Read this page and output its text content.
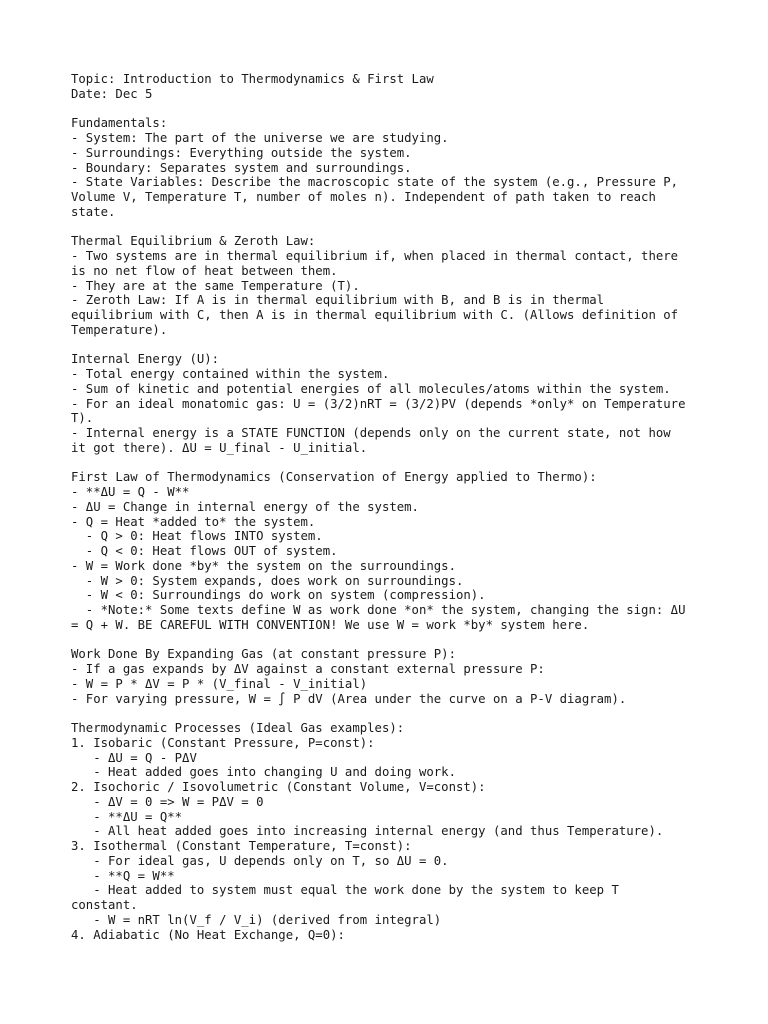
Topic: Introduction to Thermodynamics & First Law
Date: Dec 5
Fundamentals:
- System: The part of the universe we are studying.
- Surroundings: Everything outside the system.
- Boundary: Separates system and surroundings.
- State Variables: Describe the macroscopic state of the system (e.g., Pressure P,
Volume V, Temperature T, number of moles n). Independent of path taken to reach
state.
Thermal Equilibrium & Zeroth Law:
- Two systems are in thermal equilibrium if, when placed in thermal contact, there
is no net flow of heat between them.
- They are at the same Temperature (T).
- Zeroth Law: If A is in thermal equilibrium with B, and B is in thermal
equilibrium with C, then A is in thermal equilibrium with C. (Allows definition of
Temperature).
Internal Energy (U):
- Total energy contained within the system.
- Sum of kinetic and potential energies of all molecules/atoms within the system.
- For an ideal monatomic gas: U = (3/2)nRT = (3/2)PV (depends *only* on Temperature
T).
- Internal energy is a STATE FUNCTION (depends only on the current state, not how
it got there). ΔU = U_final - U_initial.
First Law of Thermodynamics (Conservation of Energy applied to Thermo):
- **ΔU = Q - W**
- ΔU = Change in internal energy of the system.
- Q = Heat *added to* the system.
- Q > 0: Heat flows INTO system.
- Q < 0: Heat flows OUT of system.
- W = Work done *by* the system on the surroundings.
- W > 0: System expands, does work on surroundings.
- W < 0: Surroundings do work on system (compression).
- *Note:* Some texts define W as work done *on* the system, changing the sign: ΔU
= Q + W. BE CAREFUL WITH CONVENTION! We use W = work *by* system here.
Work Done By Expanding Gas (at constant pressure P):
- If a gas expands by ΔV against a constant external pressure P:
- W = P * ΔV = P * (V_final - V_initial)
- For varying pressure, W = ∫ P dV (Area under the curve on a P-V diagram).
Thermodynamic Processes (Ideal Gas examples):
1. Isobaric (Constant Pressure, P=const):
- ΔU = Q - PΔV
- Heat added goes into changing U and doing work.
2. Isochoric / Isovolumetric (Constant Volume, V=const):
- ΔV = 0 => W = PΔV = 0
- **ΔU = Q**
- All heat added goes into increasing internal energy (and thus Temperature).
3. Isothermal (Constant Temperature, T=const):
- For ideal gas, U depends only on T, so ΔU = 0.
- **Q = W**
- Heat added to system must equal the work done by the system to keep T
constant.
- W = nRT ln(V_f / V_i) (derived from integral)
4. Adiabatic (No Heat Exchange, Q=0):
